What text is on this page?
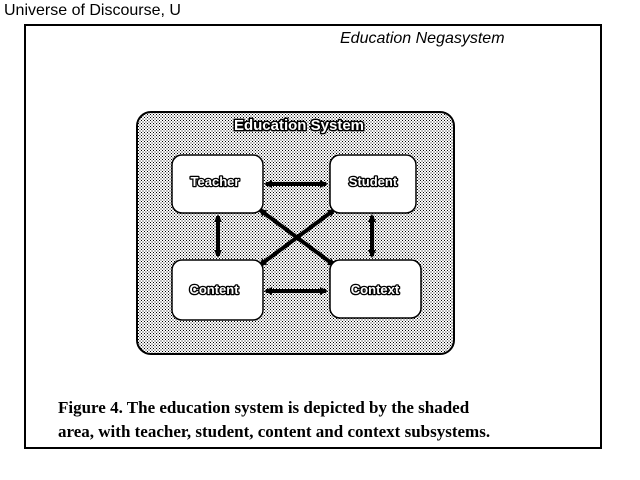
Universe of Discourse, U
Education Negasystem
Education System
Teacher	Student
Content	Context
Figure 4. The education system is depicted by the shaded
area, with teacher, student, content and context subsystems.
